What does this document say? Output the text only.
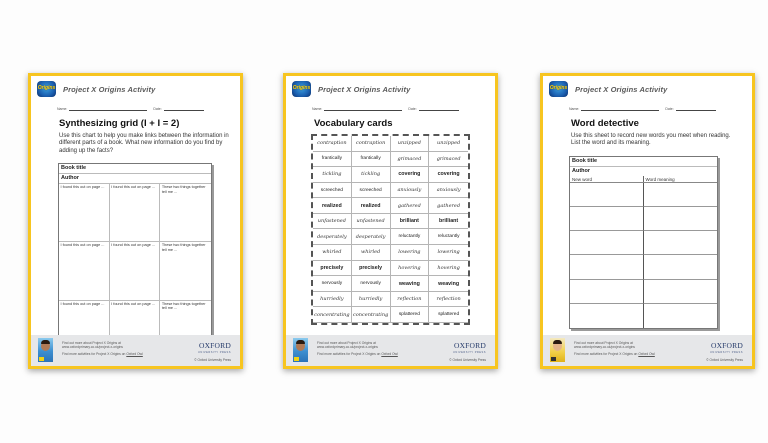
Origins Project X Origins Activity
Name:	Date:
Synthesizing grid (I + I = 2)
Use this chart to help you make links between the information in different parts of a book. What new information do you find by adding up the facts?
Book title
Author
I found this out on page ...	I found this out on page ...	These two things together tell me ...
I found this out on page ...	I found this out on page ...	These two things together tell me ...
I found this out on page ...	I found this out on page ...	These two things together tell me ...
Find out more about Project X Origins at
www.oxfordprimary.co.uk/project-x-origins
Find more activities for Project X Origins on Oxford Owl
OXFORD
UNIVERSITY PRESS
© Oxford University Press
Origins Project X Origins Activity
Name:	Date:
Vocabulary cards
contraption	contraption	unzipped	unzipped
frantically	frantically	grimaced	grimaced
tickling	tickling	covering	covering
screeched	screeched	anxiously	anxiously
realized	realized	gathered	gathered
unfastened	unfastened	brilliant	brilliant
desperately	desperately	reluctantly	reluctantly
whirled	whirled	lowering	lowering
precisely	precisely	hovering	hovering
nervously	nervously	weaving	weaving
hurriedly	hurriedly	reflection	reflection
concentrating concentrating	splattered	splattered
Find out more about Project X Origins at
www.oxfordprimary.co.uk/project-x-origins
Find more activities for Project X Origins on Oxford Owl
OXFORD
UNIVERSITY PRESS
© Oxford University Press
Origins Project X Origins Activity
Name:	Date:
Word detective
Use this sheet to record new words you meet when reading. List the word and its meaning.
Book title
Author
New word	Word meaning
Find out more about Project X Origins at
www.oxfordprimary.co.uk/project-x-origins
Find more activities for Project X Origins on Oxford Owl
OXFORD
UNIVERSITY PRESS
© Oxford University Press
